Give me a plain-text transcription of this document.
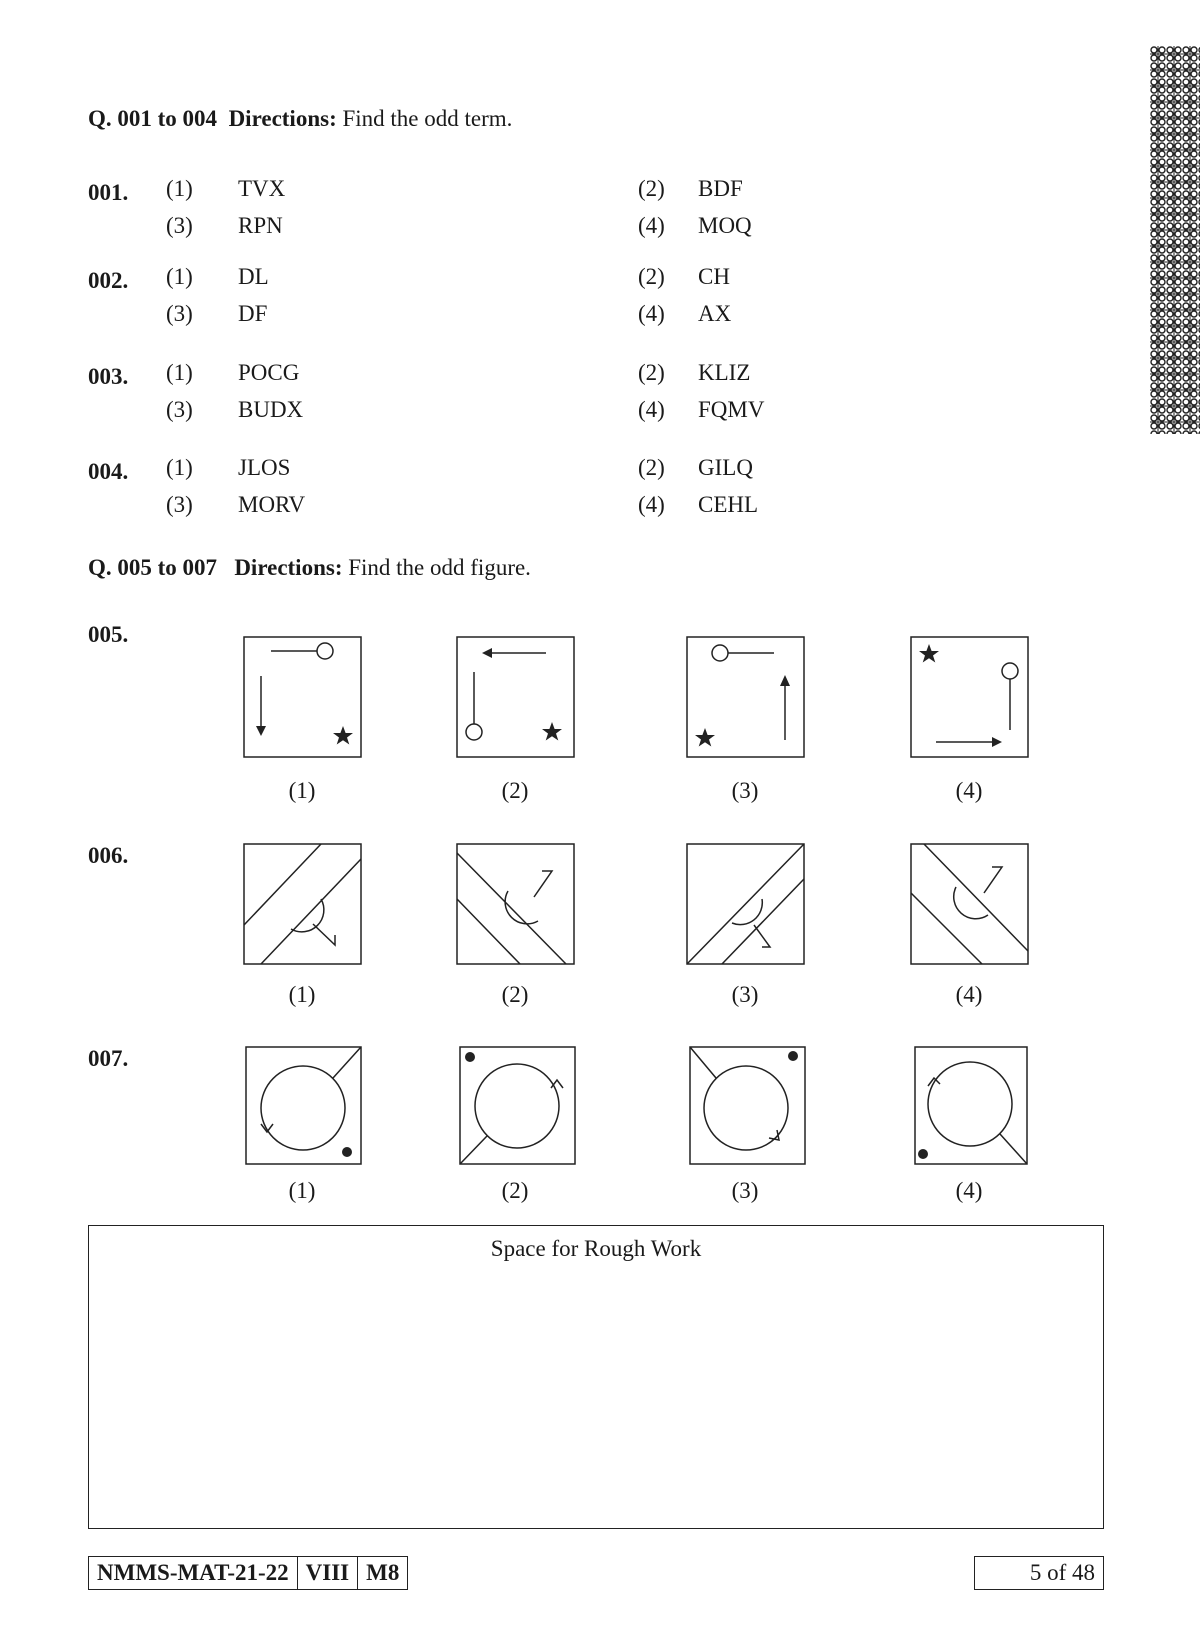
Q. 001 to 004 Directions: Find the odd term.
001. (1) TVX	(2) BDF
(3) RPN	(4) MOQ
002. (1) DL	(2) CH
(3) DF	(4) AX
003. (1) POCG	(2) KLIZ
(3) BUDX	(4) FQMV
004. (1) JLOS	(2) GILQ
(3) MORV	(4) CEHL
Q. 005 to 007 Directions: Find the odd figure.
005.
006.
007.
(1)	(2)	(3)	(4)
(1)	(2)	(3)	(4)
(1)	(2)	(3)	(4)
Space for Rough Work
NMMS-MAT-21-22 VIII M8	5 of 48
